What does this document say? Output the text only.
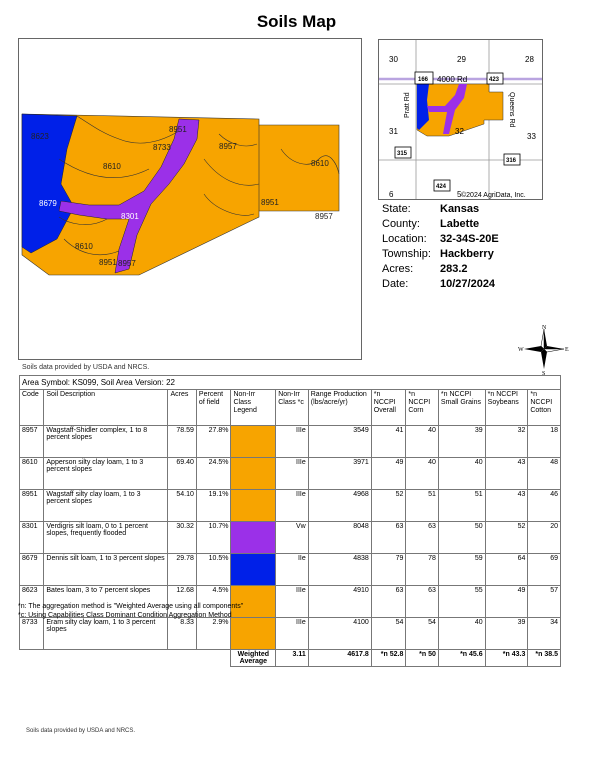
Soils Map
8623
8951
8733	8957
8610
8679
8301
8610
8951 8957
8951
8610
8957
30	29	28
31	32
33
6	5
4000 Rd
Pratt Rd	Queens Rd
166	423
315
316
424
©2024 AgriData, Inc.
State:	Kansas
County:	Labette
Location:	32-34S-20E
Township: Hackberry
Acres:	283.2
Date:	10/27/2024
N
S
W	E
Soils data provided by USDA and NRCS.
Area Symbol: KS099, Soil Area Version: 22											
Code	Soil Description	Acres	Percent of field	Non-Irr Class Legend	Non-Irr Class *c	Range Production (lbs/acre/yr)	*n NCCPI Overall	*n NCCPI Corn	*n NCCPI Small Grains	*n NCCPI Soybeans	*n NCCPI Cotton
8957	Wagstaff-Shidler complex, 1 to 8 percent slopes	78.59	27.8%		IIIe	3549	41	40	39	32	18
8610	Apperson silty clay loam, 1 to 3 percent slopes	69.40	24.5%		IIIe	3971	49	40	40	43	48
8951	Wagstaff silty clay loam, 1 to 3 percent slopes	54.10	19.1%		IIIe	4968	52	51	51	43	46
8301	Verdigris silt loam, 0 to 1 percent slopes, frequently flooded	30.32	10.7%		Vw	8048	63	63	50	52	20
8679	Dennis silt loam, 1 to 3 percent slopes	29.78	10.5%		IIe	4838	79	78	59	64	69
8623	Bates loam, 3 to 7 percent slopes	12.68	4.5%		IIIe	4910	63	63	55	49	57
8733	Eram silty clay loam, 1 to 3 percent slopes	8.33	2.9%		IIIe	4100	54	54	40	39	34
				Weighted Average	3.11	4617.8	*n 52.8	*n 50	*n 45.6	*n 43.3	*n 38.5
*n: The aggregation method is "Weighted Average using all components"
*c: Using Capabilities Class Dominant Condition Aggregation Method
Soils data provided by USDA and NRCS.
